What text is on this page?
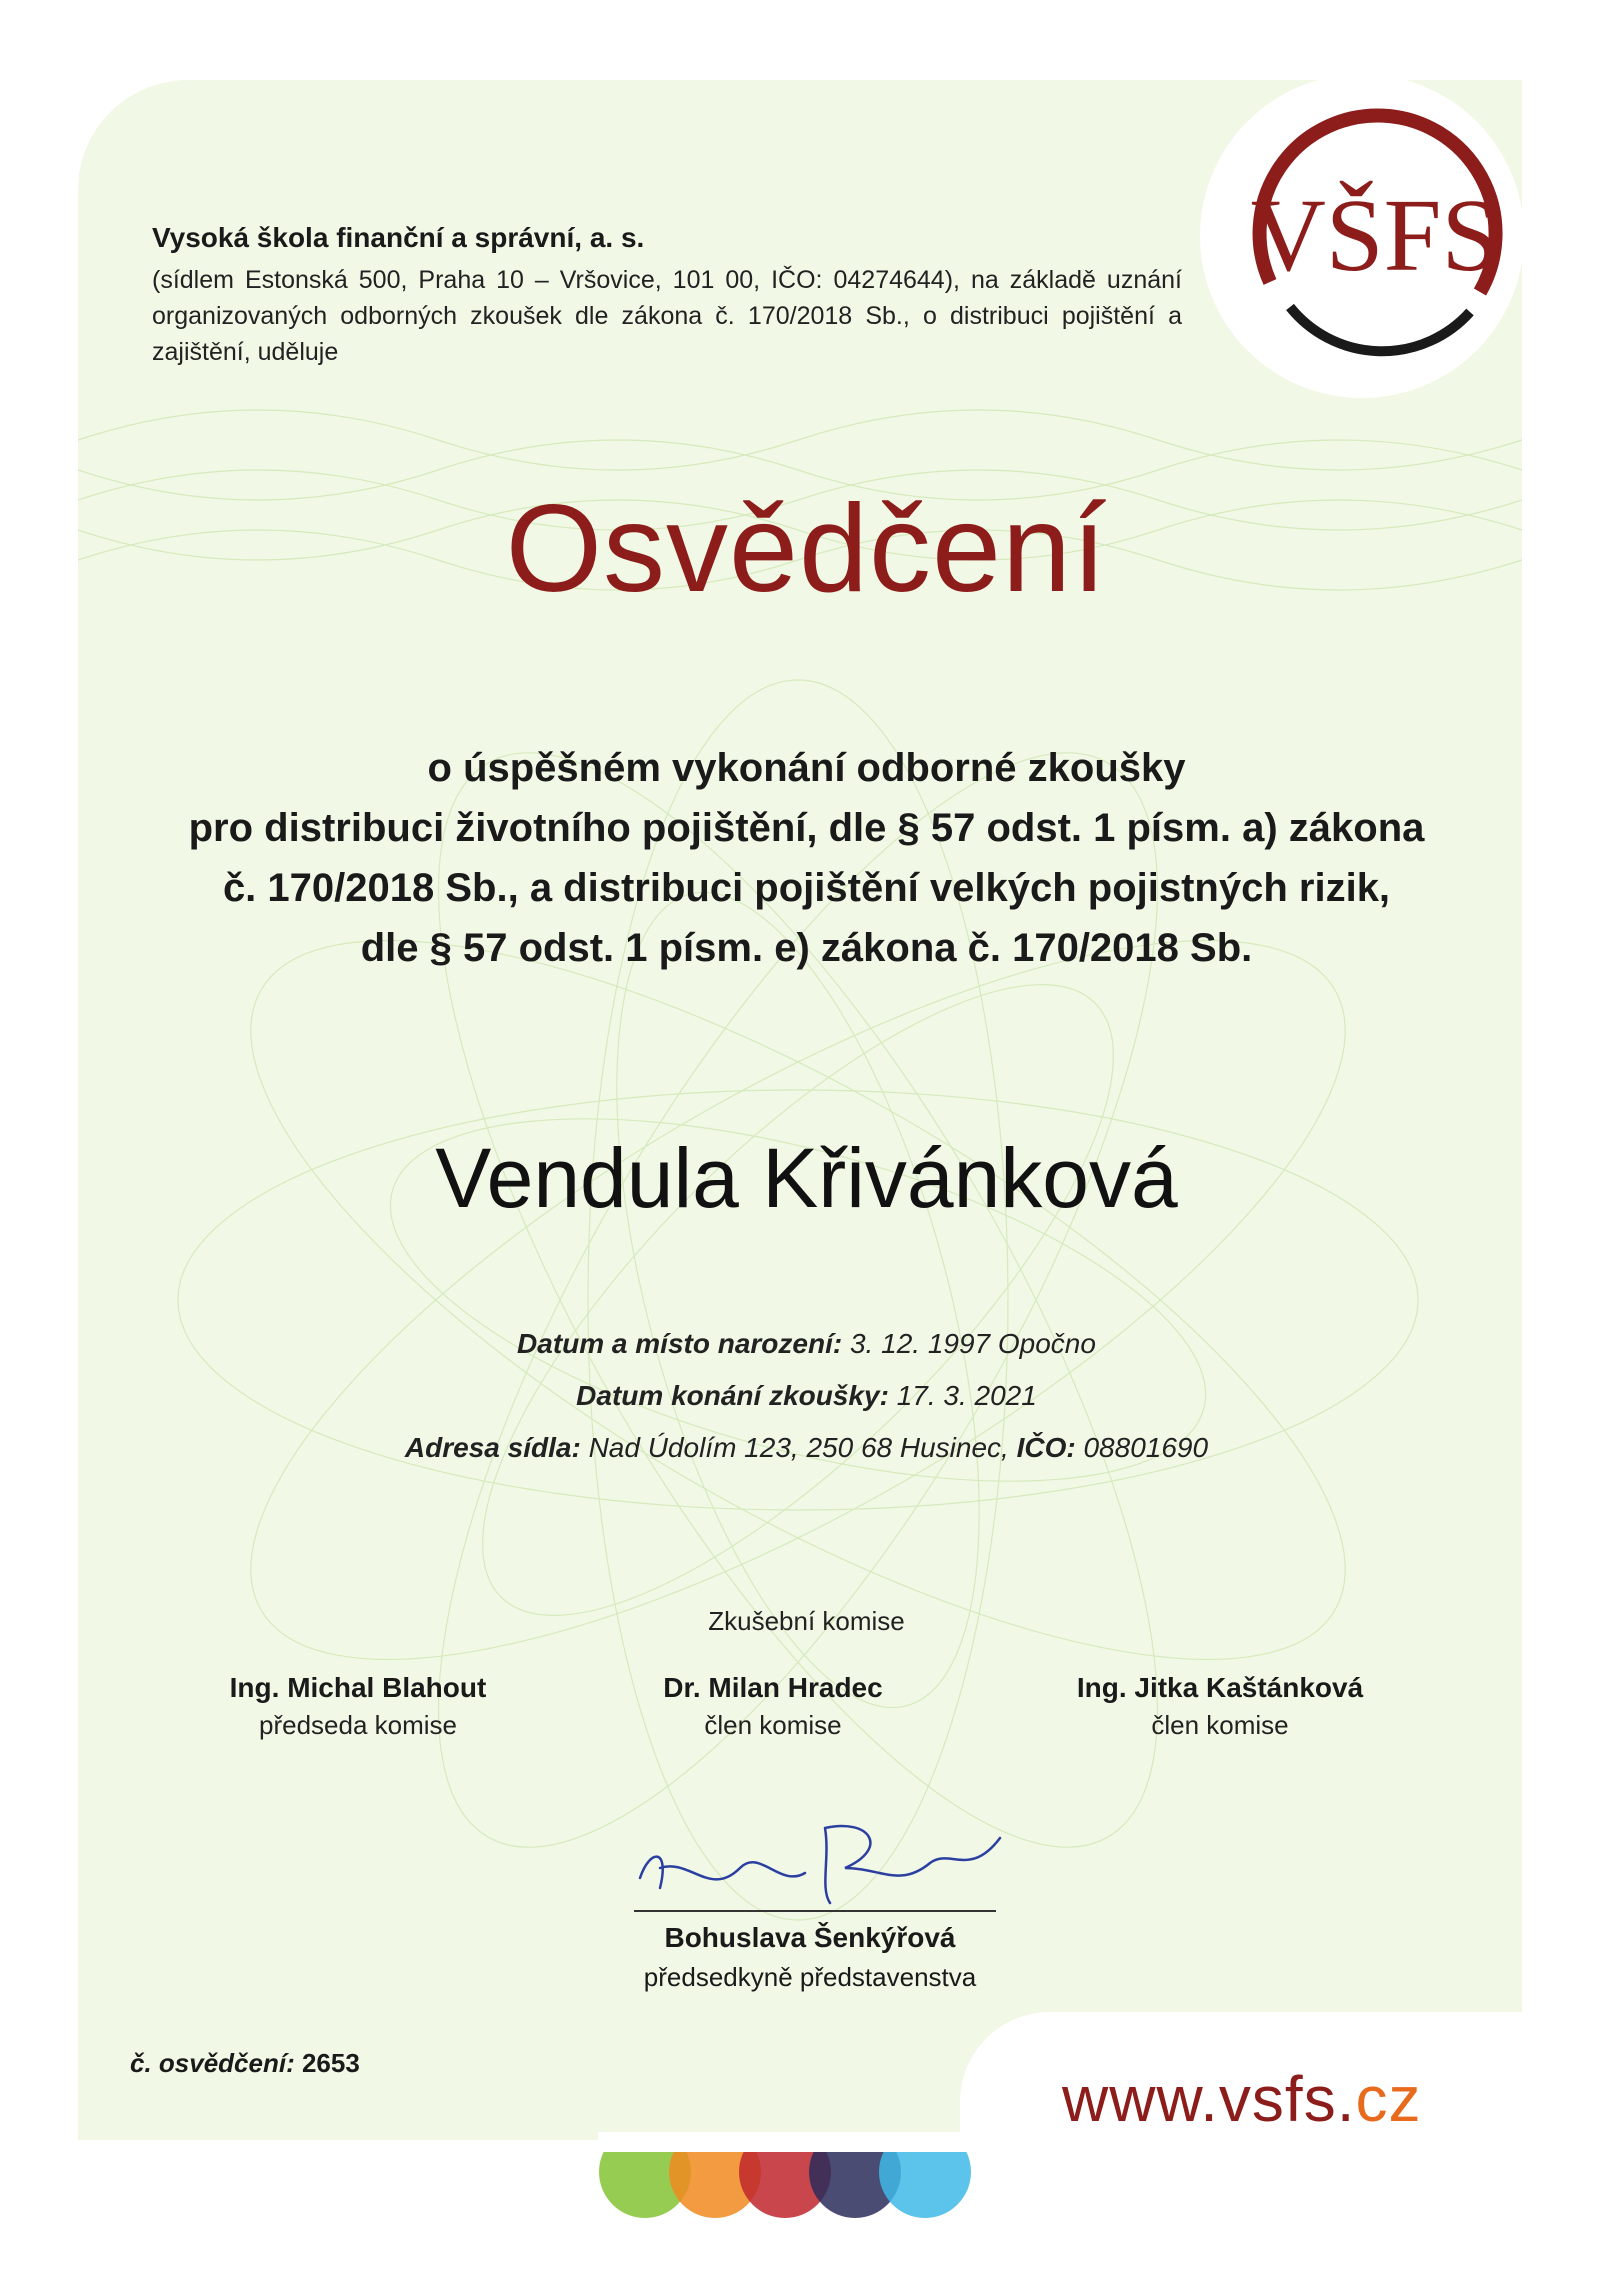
VŠFS
Vysoká škola finanční a správní, a. s.
(sídlem Estonská 500, Praha 10 – Vršovice, 101 00, IČO: 04274644), na základě uznání organizovaných odborných zkoušek dle zákona č. 170/2018 Sb., o distribuci pojištění a zajištění, uděluje
Osvědčení
o úspěšném vykonání odborné zkoušky
pro distribuci životního pojištění, dle § 57 odst. 1 písm. a) zákona
č. 170/2018 Sb., a distribuci pojištění velkých pojistných rizik,
dle § 57 odst. 1 písm. e) zákona č. 170/2018 Sb.
Vendula Křivánková
Datum a místo narození: 3. 12. 1997 Opočno
Datum konání zkoušky: 17. 3. 2021
Adresa sídla: Nad Údolím 123, 250 68 Husinec, IČO: 08801690
Zkušební komise
Ing. Michal Blahout
předseda komise
Dr. Milan Hradec
člen komise
Ing. Jitka Kaštánková
člen komise
Bohuslava Šenkýřová
předsedkyně představenstva
č. osvědčení: 2653	www.vsfs.cz
